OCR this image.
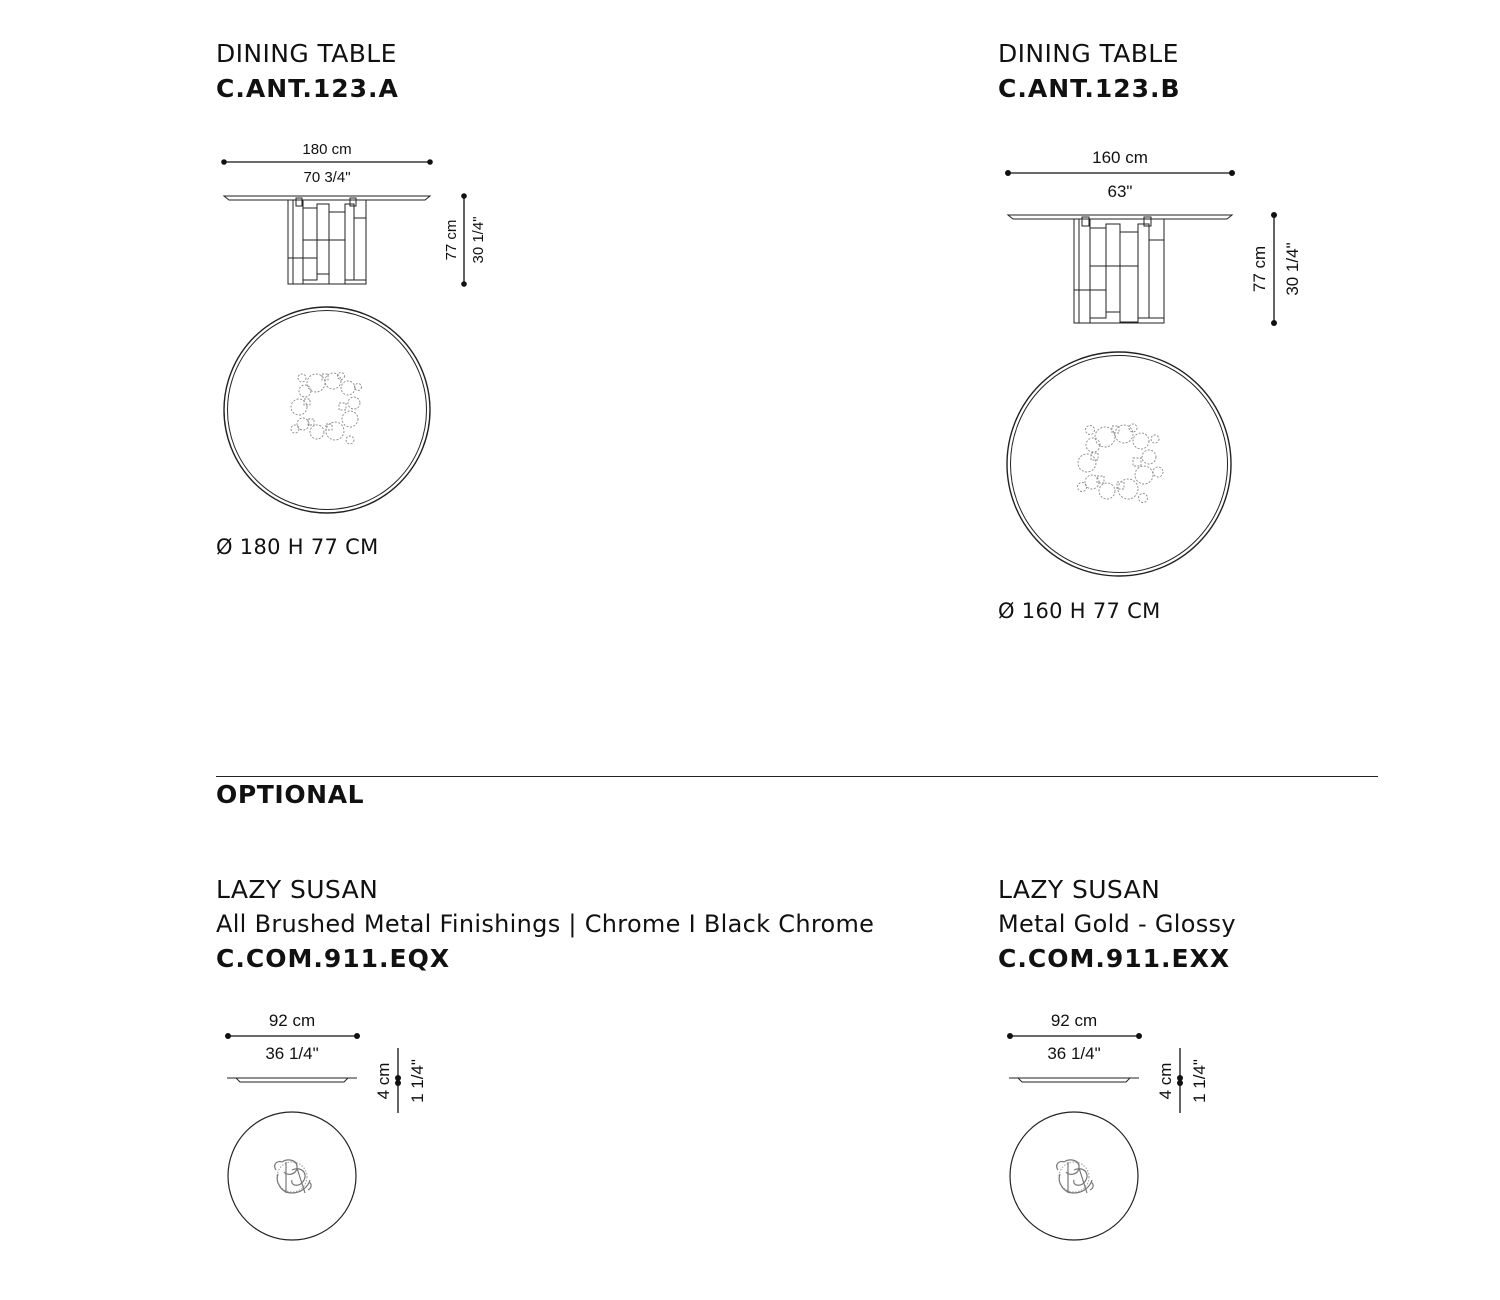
DINING TABLE
C.ANT.123.A
180 cm
70 3/4"
77 cm 30 1/4"
Ø 180 H 77 CM
DINING TABLE
C.ANT.123.B
160 cm
63"
77 cm 30 1/4"
Ø 160 H 77 CM
OPTIONAL
LAZY SUSAN
All Brushed Metal Finishings | Chrome I Black Chrome
C.COM.911.EQX
92 cm
36 1/4"
4 cm 1 1/4"
LAZY SUSAN
Metal Gold - Glossy
C.COM.911.EXX
92 cm
36 1/4"
4 cm 1 1/4"
